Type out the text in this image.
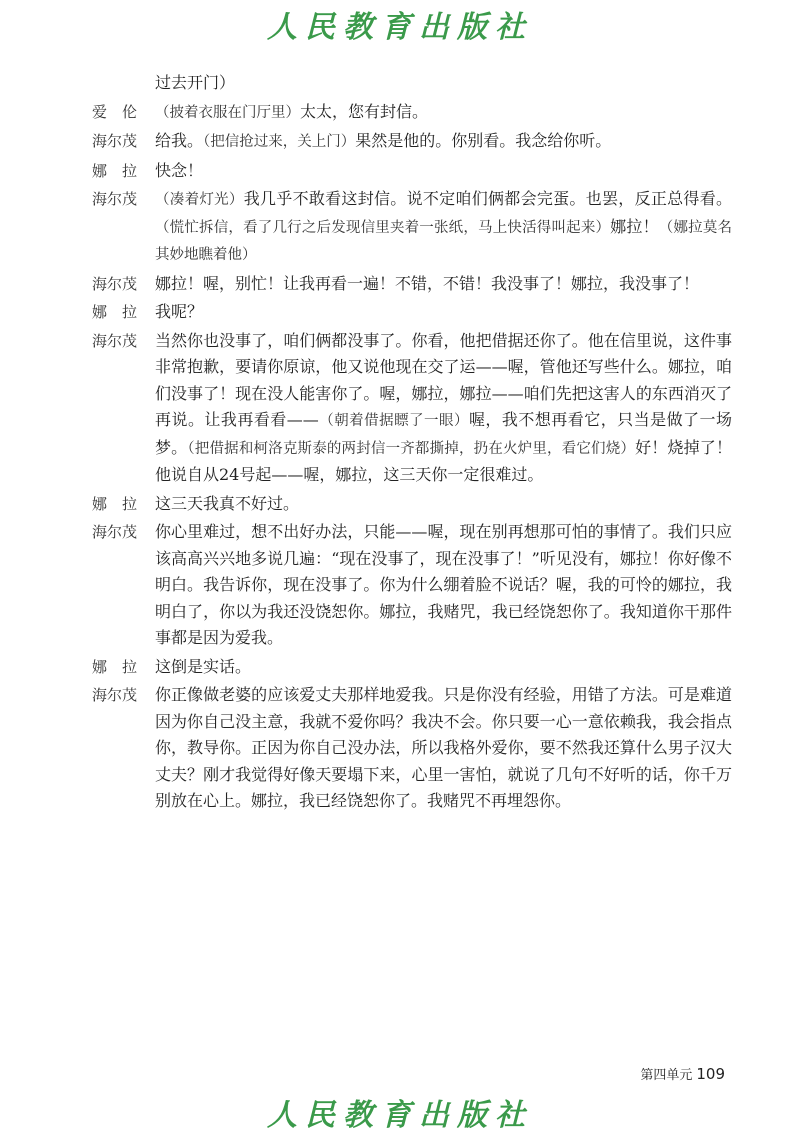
人民教育出版社
过去开门）
爱　伦	（披着衣服在门厅里）太太，您有封信。
海尔茂	给我。（把信抢过来，关上门）果然是他的。你别看。我念给你听。
娜　拉	快念！
海尔茂	（凑着灯光）我几乎不敢看这封信。说不定咱们俩都会完蛋。也罢，反正总得看。（慌忙拆信，看了几行之后发现信里夹着一张纸，马上快活得叫起来）娜拉！（娜拉莫名其妙地瞧着他）
海尔茂	娜拉！喔，别忙！让我再看一遍！不错，不错！我没事了！娜拉，我没事了！
娜　拉	我呢？
海尔茂	当然你也没事了，咱们俩都没事了。你看，他把借据还你了。他在信里说，这件事非常抱歉，要请你原谅，他又说他现在交了运——喔，管他还写些什么。娜拉，咱们没事了！现在没人能害你了。喔，娜拉，娜拉——咱们先把这害人的东西消灭了再说。让我再看看——（朝着借据瞟了一眼）喔，我不想再看它，只当是做了一场梦。（把借据和柯洛克斯泰的两封信一齐都撕掉，扔在火炉里，看它们烧）好！烧掉了！他说自从24号起——喔，娜拉，这三天你一定很难过。
娜　拉	这三天我真不好过。
海尔茂	你心里难过，想不出好办法，只能——喔，现在别再想那可怕的事情了。我们只应该高高兴兴地多说几遍：“现在没事了，现在没事了！”听见没有，娜拉！你好像不明白。我告诉你，现在没事了。你为什么绷着脸不说话？喔，我的可怜的娜拉，我明白了，你以为我还没饶恕你。娜拉，我赌咒，我已经饶恕你了。我知道你干那件事都是因为爱我。
娜　拉	这倒是实话。
海尔茂	你正像做老婆的应该爱丈夫那样地爱我。只是你没有经验，用错了方法。可是难道因为你自己没主意，我就不爱你吗？我决不会。你只要一心一意依赖我，我会指点你，教导你。正因为你自己没办法，所以我格外爱你，要不然我还算什么男子汉大丈夫？刚才我觉得好像天要塌下来，心里一害怕，就说了几句不好听的话，你千万别放在心上。娜拉，我已经饶恕你了。我赌咒不再埋怨你。
第四单元 109
人民教育出版社
